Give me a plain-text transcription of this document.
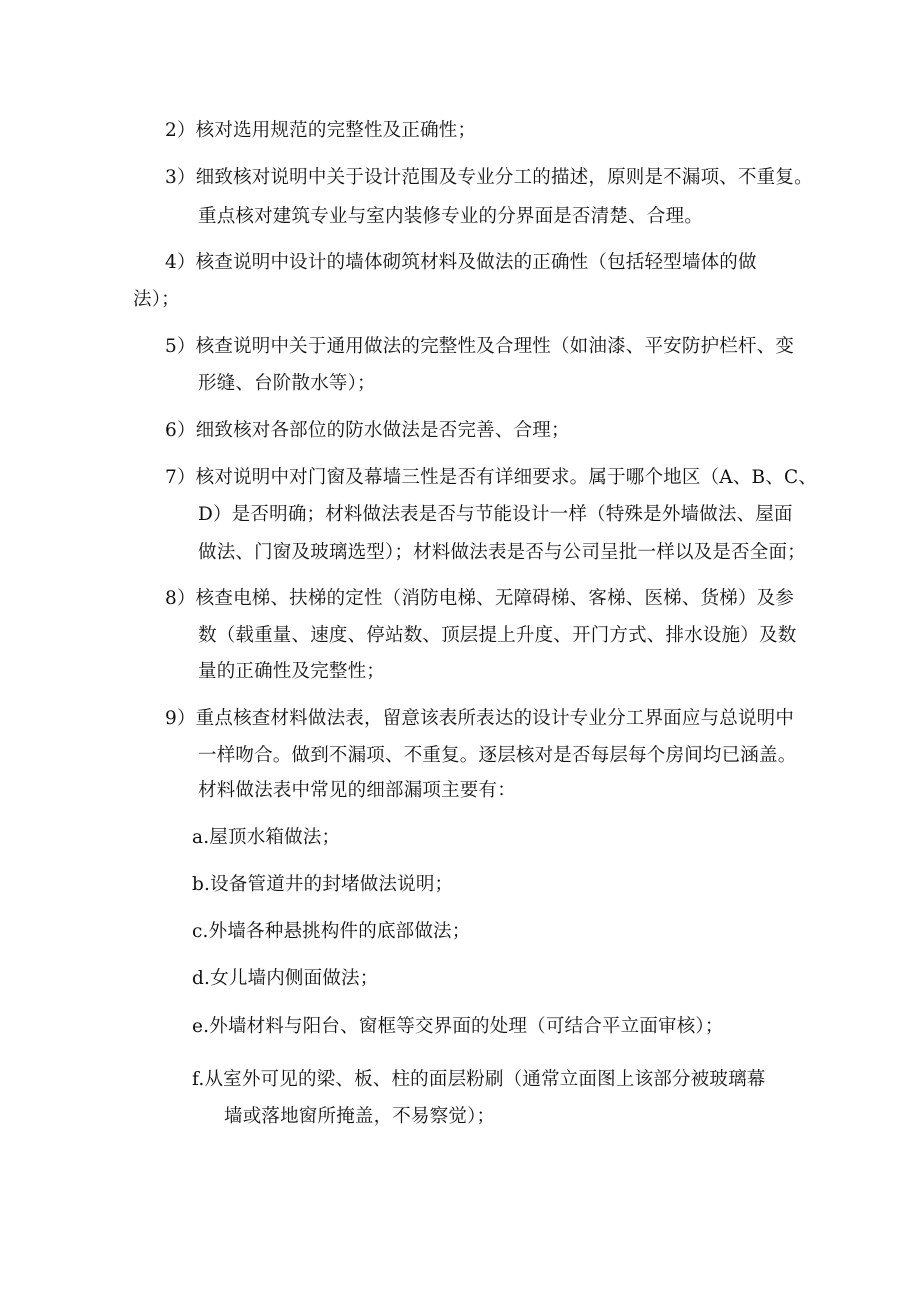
2）核对选用规范的完整性及正确性；
3）细致核对说明中关于设计范围及专业分工的描述，原则是不漏项、不重复。
重点核对建筑专业与室内装修专业的分界面是否清楚、合理。
4）核查说明中设计的墙体砌筑材料及做法的正确性（包括轻型墙体的做
法）；
5）核查说明中关于通用做法的完整性及合理性（如油漆、平安防护栏杆、变
形缝、台阶散水等）；
6）细致核对各部位的防水做法是否完善、合理；
7）核对说明中对门窗及幕墙三性是否有详细要求。属于哪个地区（A、B、C、
D）是否明确；材料做法表是否与节能设计一样（特殊是外墙做法、屋面
做法、门窗及玻璃选型）；材料做法表是否与公司呈批一样以及是否全面；
8）核查电梯、扶梯的定性（消防电梯、无障碍梯、客梯、医梯、货梯）及参
数（载重量、速度、停站数、顶层提上升度、开门方式、排水设施）及数
量的正确性及完整性；
9）重点核查材料做法表，留意该表所表达的设计专业分工界面应与总说明中
一样吻合。做到不漏项、不重复。逐层核对是否每层每个房间均已涵盖。
材料做法表中常见的细部漏项主要有：
a.屋顶水箱做法；
b.设备管道井的封堵做法说明；
c.外墙各种悬挑构件的底部做法；
d.女儿墙内侧面做法；
e.外墙材料与阳台、窗框等交界面的处理（可结合平立面审核）；
f.从室外可见的梁、板、柱的面层粉刷（通常立面图上该部分被玻璃幕
墙或落地窗所掩盖，不易察觉）；
